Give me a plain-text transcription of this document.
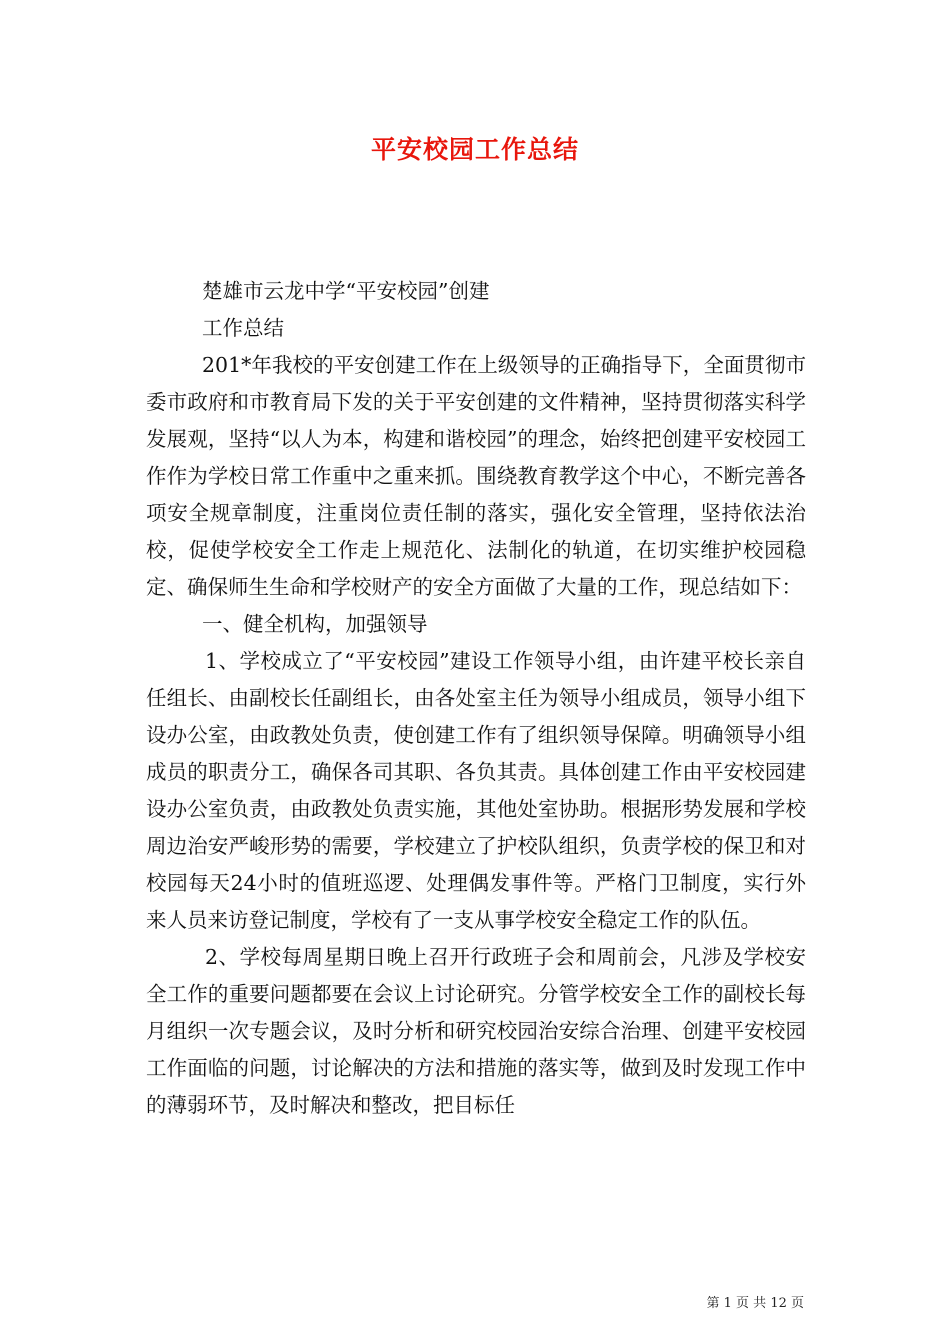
平安校园工作总结

楚雄市云龙中学“平安校园”创建

工作总结

201*年我校的平安创建工作在上级领导的正确指导下，全面贯彻市委市政府和市教育局下发的关于平安创建的文件精神，坚持贯彻落实科学发展观，坚持“以人为本，构建和谐校园”的理念，始终把创建平安校园工作作为学校日常工作重中之重来抓。围绕教育教学这个中心，不断完善各项安全规章制度，注重岗位责任制的落实，强化安全管理，坚持依法治校，促使学校安全工作走上规范化、法制化的轨道，在切实维护校园稳定、确保师生生命和学校财产的安全方面做了大量的工作，现总结如下：

一、健全机构，加强领导

1、学校成立了“平安校园”建设工作领导小组，由许建平校长亲自任组长、由副校长任副组长，由各处室主任为领导小组成员，领导小组下设办公室，由政教处负责，使创建工作有了组织领导保障。明确领导小组成员的职责分工，确保各司其职、各负其责。具体创建工作由平安校园建设办公室负责，由政教处负责实施，其他处室协助。根据形势发展和学校周边治安严峻形势的需要，学校建立了护校队组织，负责学校的保卫和对校园每天24小时的值班巡逻、处理偶发事件等。严格门卫制度，实行外来人员来访登记制度，学校有了一支从事学校安全稳定工作的队伍。

2、学校每周星期日晚上召开行政班子会和周前会，凡涉及学校安全工作的重要问题都要在会议上讨论研究。分管学校安全工作的副校长每月组织一次专题会议，及时分析和研究校园治安综合治理、创建平安校园工作面临的问题，讨论解决的方法和措施的落实等，做到及时发现工作中的薄弱环节，及时解决和整改，把目标任

第 1 页 共 12 页
